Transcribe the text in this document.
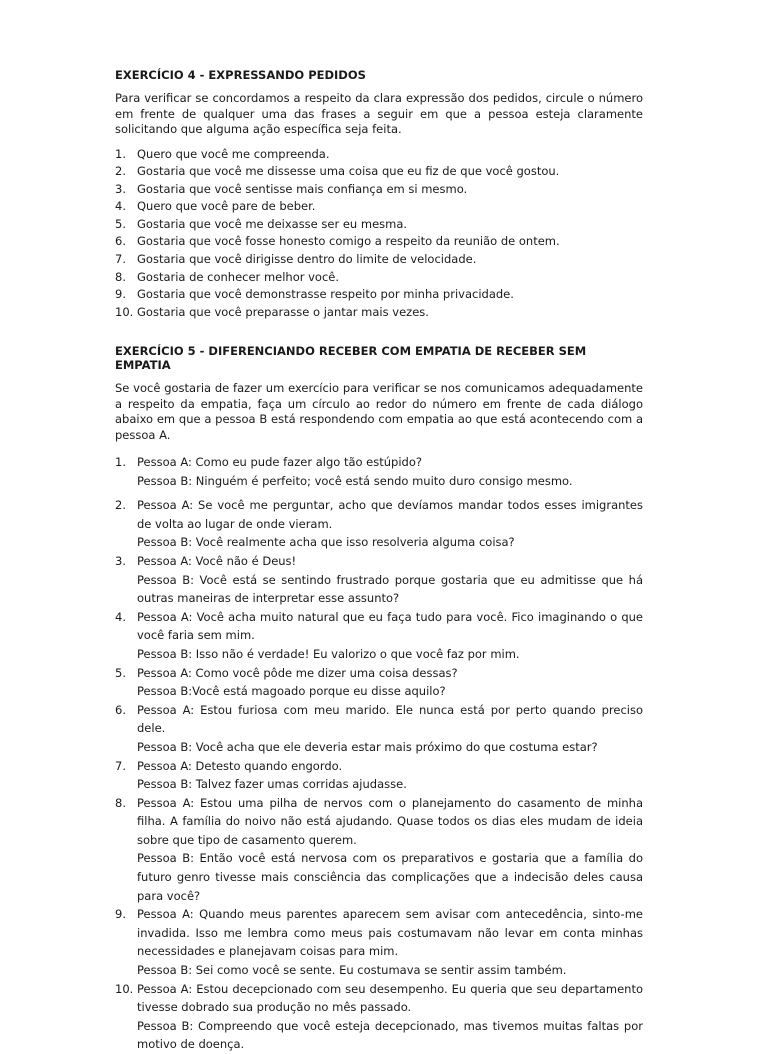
EXERCÍCIO 4 - EXPRESSANDO PEDIDOS

Para verificar se concordamos a respeito da clara expressão dos pedidos, circule o número em frente de qualquer uma das frases a seguir em que a pessoa esteja claramente solicitando que alguma ação específica seja feita.

1. Quero que você me compreenda.
2. Gostaria que você me dissesse uma coisa que eu fiz de que você gostou.
3. Gostaria que você sentisse mais confiança em si mesmo.
4. Quero que você pare de beber.
5. Gostaria que você me deixasse ser eu mesma.
6. Gostaria que você fosse honesto comigo a respeito da reunião de ontem.
7. Gostaria que você dirigisse dentro do limite de velocidade.
8. Gostaria de conhecer melhor você.
9. Gostaria que você demonstrasse respeito por minha privacidade.
10. Gostaria que você preparasse o jantar mais vezes.
EXERCÍCIO 5 - DIFERENCIANDO RECEBER COM EMPATIA DE RECEBER SEM EMPATIA

Se você gostaria de fazer um exercício para verificar se nos comunicamos adequadamente a respeito da empatia, faça um círculo ao redor do número em frente de cada diálogo abaixo em que a pessoa B está respondendo com empatia ao que está acontecendo com a pessoa A.

1. Pessoa A: Como eu pude fazer algo tão estúpido?

Pessoa B: Ninguém é perfeito; você está sendo muito duro consigo mesmo.

2. Pessoa A: Se você me perguntar, acho que devíamos mandar todos esses imigrantes de volta ao lugar de onde vieram.

Pessoa B: Você realmente acha que isso resolveria alguma coisa?

3. Pessoa A: Você não é Deus!

Pessoa B: Você está se sentindo frustrado porque gostaria que eu admitisse que há outras maneiras de interpretar esse assunto?

4. Pessoa A: Você acha muito natural que eu faça tudo para você. Fico imaginando o que você faria sem mim.

Pessoa B: Isso não é verdade! Eu valorizo o que você faz por mim.

5. Pessoa A: Como você pôde me dizer uma coisa dessas?

Pessoa B:Você está magoado porque eu disse aquilo?

6. Pessoa A: Estou furiosa com meu marido. Ele nunca está por perto quando preciso dele.

Pessoa B: Você acha que ele deveria estar mais próximo do que costuma estar?

7. Pessoa A: Detesto quando engordo.

Pessoa B: Talvez fazer umas corridas ajudasse.

8. Pessoa A: Estou uma pilha de nervos com o planejamento do casamento de minha filha. A família do noivo não está ajudando. Quase todos os dias eles mudam de ideia sobre que tipo de casamento querem.

Pessoa B: Então você está nervosa com os preparativos e gostaria que a família do futuro genro tivesse mais consciência das complicações que a indecisão deles causa para você?

9. Pessoa A: Quando meus parentes aparecem sem avisar com antecedência, sinto-me invadida. Isso me lembra como meus pais costumavam não levar em conta minhas necessidades e planejavam coisas para mim.

Pessoa B: Sei como você se sente. Eu costumava se sentir assim também.

10. Pessoa A: Estou decepcionado com seu desempenho. Eu queria que seu departamento tivesse dobrado sua produção no mês passado.

Pessoa B: Compreendo que você esteja decepcionado, mas tivemos muitas faltas por motivo de doença.
